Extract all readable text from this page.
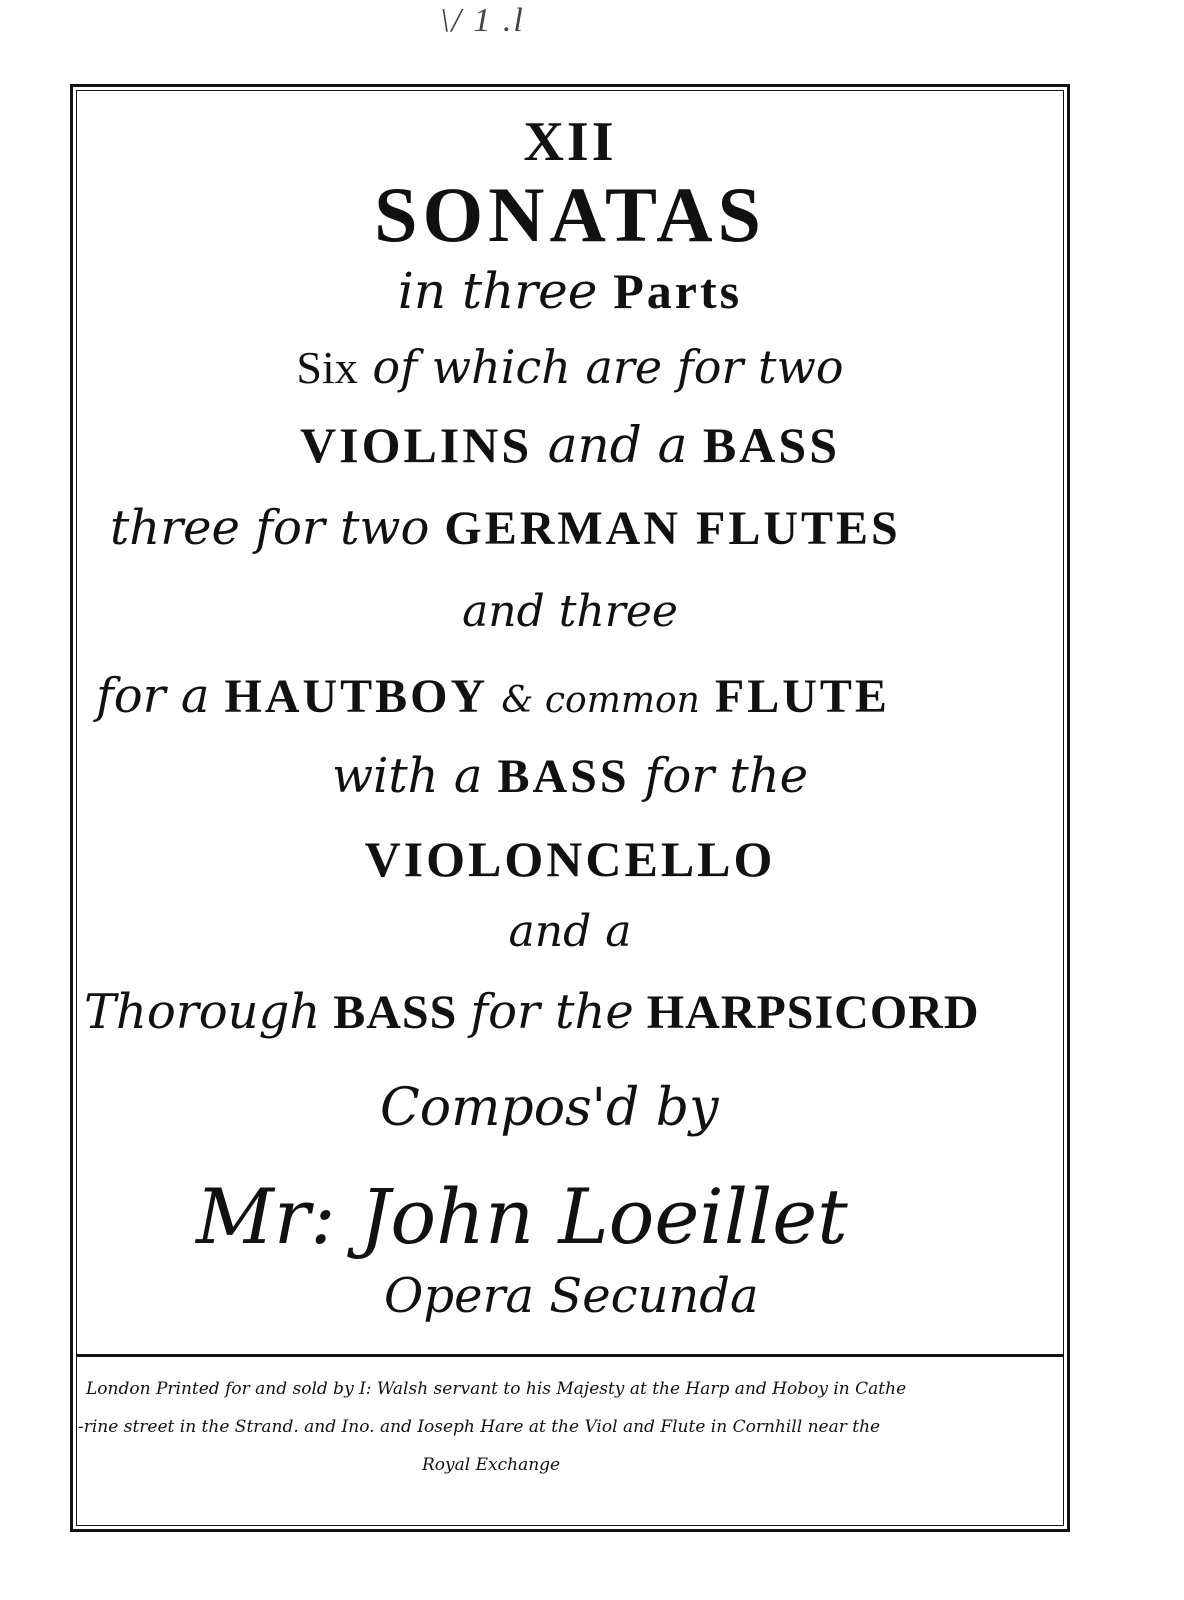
\/ 1 .l
XII
SONATAS
in three Parts
Six of which are for two
VIOLINS and a BASS
three for two GERMAN FLUTES
and three
for a HAUTBOY & common FLUTE
with a BASS for the
VIOLONCELLO
and a
Thorough BASS for the HARPSICORD
Compos'd by
Mr: John Loeillet
Opera Secunda
London Printed for and sold by I: Walsh servant to his Majesty at the Harp and Hoboy in Cathe
-rine street in the Strand. and Ino. and Ioseph Hare at the Viol and Flute in Cornhill near the
Royal Exchange
